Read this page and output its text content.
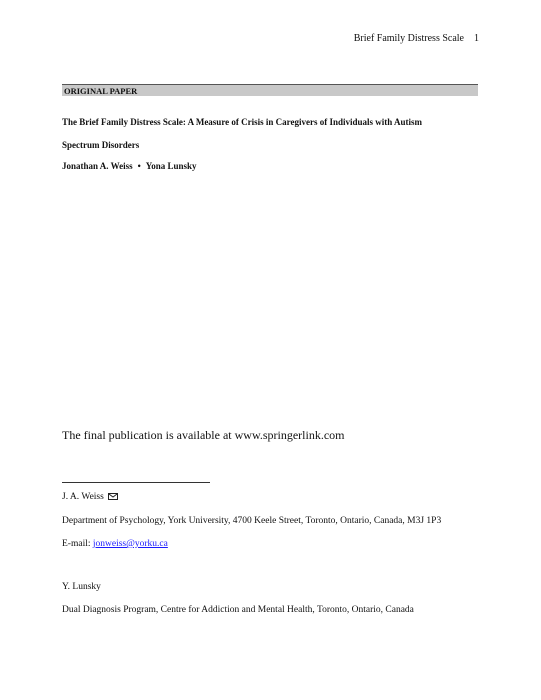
Brief Family Distress Scale 1
ORIGINAL PAPER
The Brief Family Distress Scale: A Measure of Crisis in Caregivers of Individuals with Autism
Spectrum Disorders
Jonathan A. Weiss • Yona Lunsky
The final publication is available at www.springerlink.com
J. A. Weiss
Department of Psychology, York University, 4700 Keele Street, Toronto, Ontario, Canada, M3J 1P3
E-mail: jonweiss@yorku.ca
Y. Lunsky
Dual Diagnosis Program, Centre for Addiction and Mental Health, Toronto, Ontario, Canada
